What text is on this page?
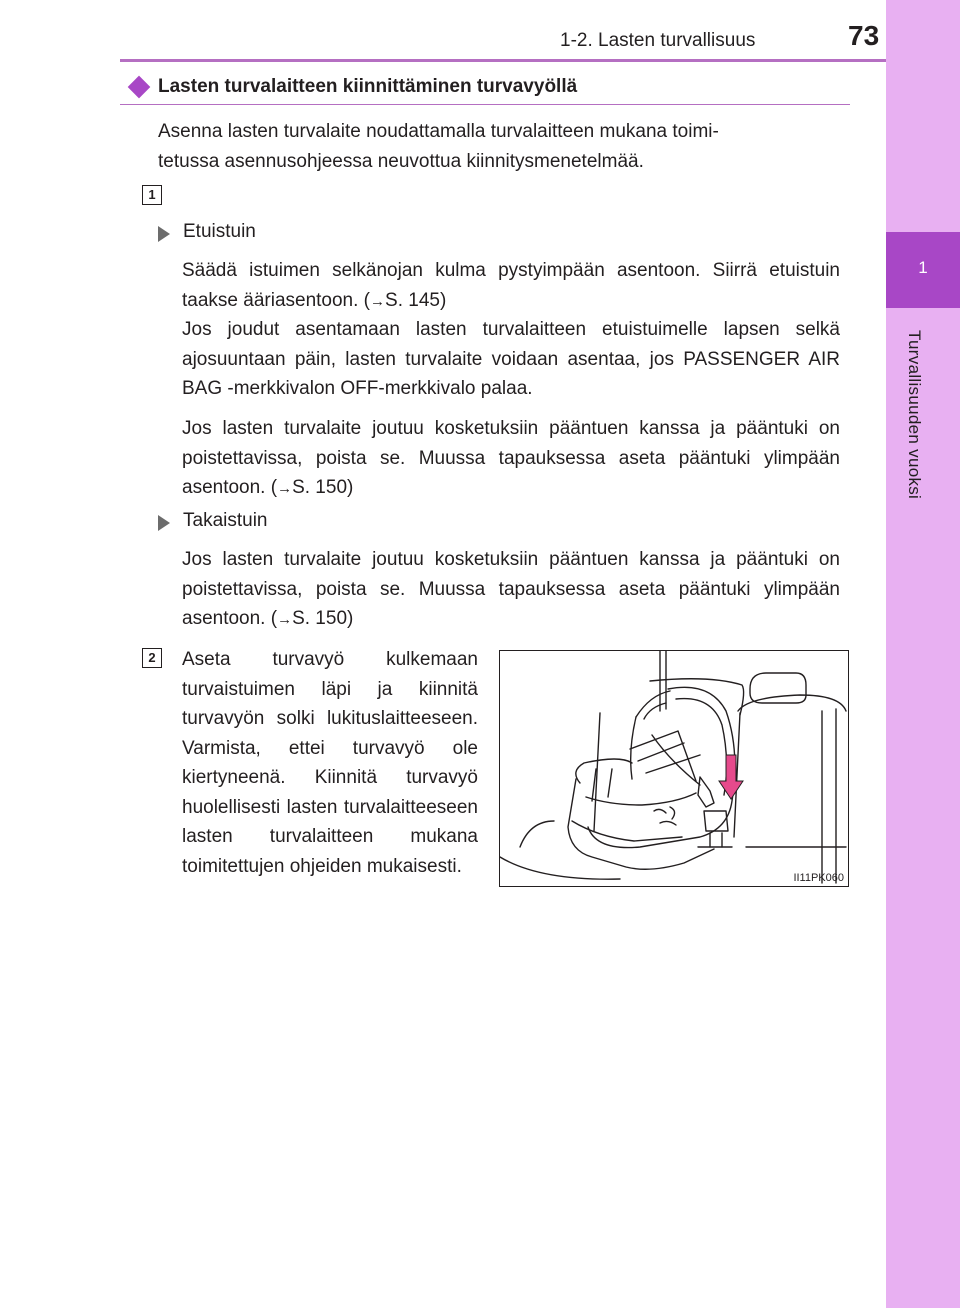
1
Turvallisuuden vuoksi
1-2. Lasten turvallisuus	73
Lasten turvalaitteen kiinnittäminen turvavyöllä
Asenna lasten turvalaite noudattamalla turvalaitteen mukana toimi-
tetussa asennusohjeessa neuvottua kiinnitysmenetelmää.
1
Etuistuin
Säädä istuimen selkänojan kulma pystyimpään asentoon. Siirrä etuistuin taakse ääriasentoon. (→S. 145)
Jos joudut asentamaan lasten turvalaitteen etuistuimelle lapsen selkä ajosuuntaan päin, lasten turvalaite voidaan asentaa, jos PASSENGER AIR BAG -merkkivalon OFF-merkkivalo palaa.
Jos lasten turvalaite joutuu kosketuksiin pääntuen kanssa ja pääntuki on poistettavissa, poista se. Muussa tapauksessa aseta pääntuki ylimpään asentoon. (→S. 150)
Takaistuin
Jos lasten turvalaite joutuu kosketuksiin pääntuen kanssa ja pääntuki on poistettavissa, poista se. Muussa tapauksessa aseta pääntuki ylimpään asentoon. (→S. 150)
2	Aseta turvavyö kulkemaan turvaistuimen läpi ja kiinnitä turvavyön solki lukituslaitteeseen. Varmista, ettei turvavyö ole kiertyneenä. Kiinnitä turvavyö huolellisesti lasten turvalaitteeseen lasten turvalaitteen mukana toimitettujen ohjeiden mukaisesti.
II11PK060
